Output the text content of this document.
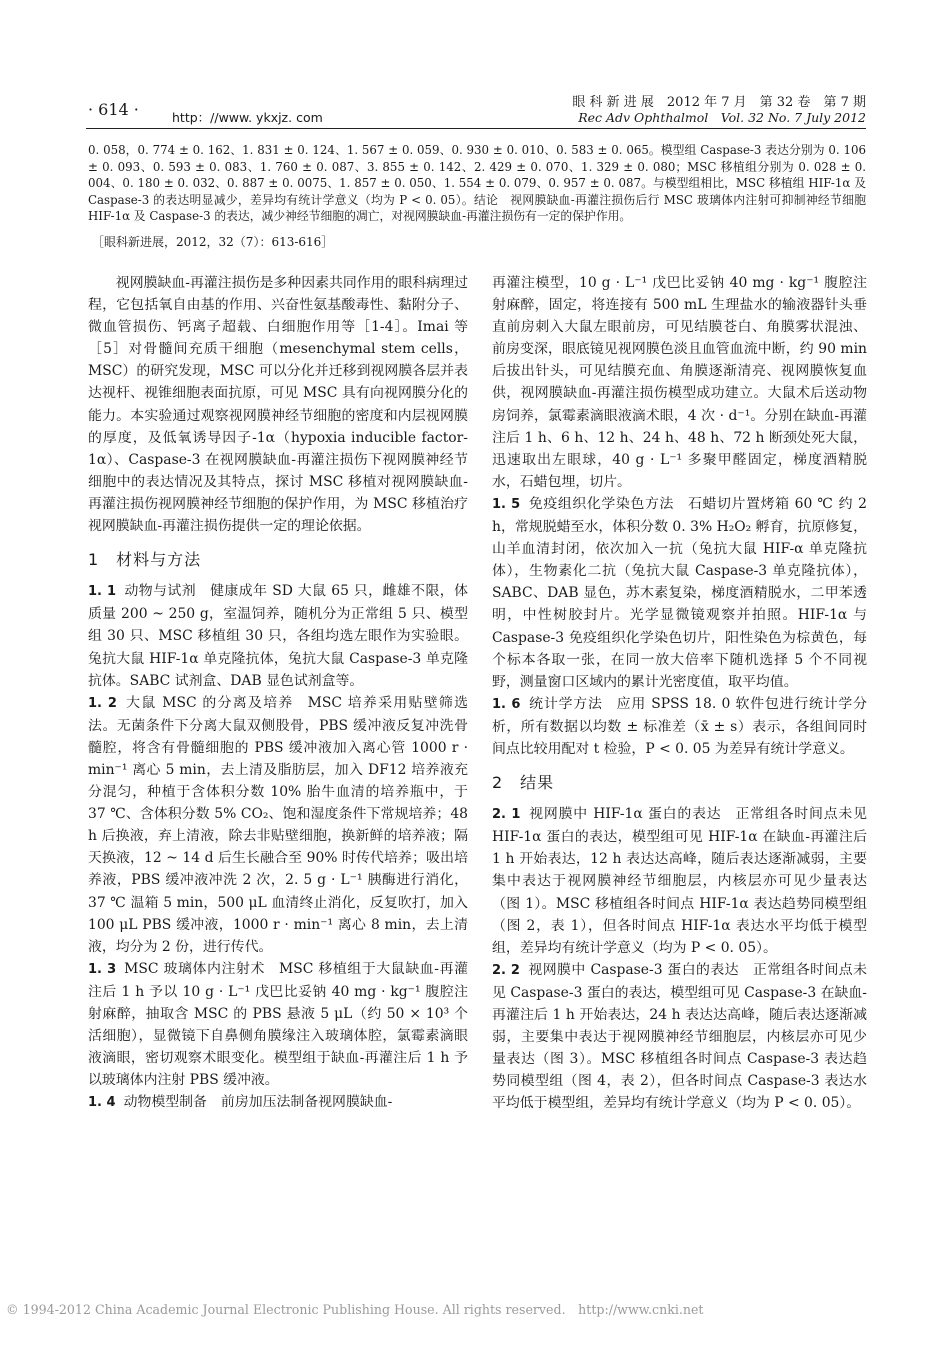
· 614 ·	http：//www. ykxjz. com
眼 科 新 进 展　2012 年 7 月　第 32 卷　第 7 期
Rec Adv Ophthalmol　Vol. 32 No. 7 July 2012
0. 058，0. 774 ± 0. 162、1. 831 ± 0. 124、1. 567 ± 0. 059、0. 930 ± 0. 010、0. 583 ± 0. 065。模型组 Caspase-3 表达分别为 0. 106 ± 0. 093、0. 593 ± 0. 083、1. 760 ± 0. 087、3. 855 ± 0. 142、2. 429 ± 0. 070、1. 329 ± 0. 080；MSC 移植组分别为 0. 028 ± 0. 004、0. 180 ± 0. 032、0. 887 ± 0. 0075、1. 857 ± 0. 050、1. 554 ± 0. 079、0. 957 ± 0. 087。与模型组相比，MSC 移植组 HIF-1α 及 Caspase-3 的表达明显减少，差异均有统计学意义（均为 P < 0. 05）。结论　视网膜缺血-再灌注损伤后行 MSC 玻璃体内注射可抑制神经节细胞 HIF-1α 及 Caspase-3 的表达，减少神经节细胞的凋亡，对视网膜缺血-再灌注损伤有一定的保护作用。
［眼科新进展，2012，32（7）：613-616］

视网膜缺血-再灌注损伤是多种因素共同作用的眼科病理过程，它包括氧自由基的作用、兴奋性氨基酸毒性、黏附分子、微血管损伤、钙离子超载、白细胞作用等［1-4］。Imai 等［5］对骨髓间充质干细胞（mesenchymal stem cells，MSC）的研究发现，MSC 可以分化并迁移到视网膜各层并表达视杆、视锥细胞表面抗原，可见 MSC 具有向视网膜分化的能力。本实验通过观察视网膜神经节细胞的密度和内层视网膜的厚度，及低氧诱导因子-1α（hypoxia inducible factor-1α）、Caspase-3 在视网膜缺血-再灌注损伤下视网膜神经节细胞中的表达情况及其特点，探讨 MSC 移植对视网膜缺血-再灌注损伤视网膜神经节细胞的保护作用，为 MSC 移植治疗视网膜缺血-再灌注损伤提供一定的理论依据。

1　材料与方法

1. 1 动物与试剂 健康成年 SD 大鼠 65 只，雌雄不限，体质量 200 ~ 250 g，室温饲养，随机分为正常组 5 只、模型组 30 只、MSC 移植组 30 只，各组均选左眼作为实验眼。兔抗大鼠 HIF-1α 单克隆抗体，兔抗大鼠 Caspase-3 单克隆抗体。SABC 试剂盒、DAB 显色试剂盒等。

1. 2 大鼠 MSC 的分离及培养 MSC 培养采用贴壁筛选法。无菌条件下分离大鼠双侧股骨，PBS 缓冲液反复冲洗骨髓腔，将含有骨髓细胞的 PBS 缓冲液加入离心管 1000 r · min⁻¹ 离心 5 min，去上清及脂肪层，加入 DF12 培养液充分混匀，种植于含体积分数 10% 胎牛血清的培养瓶中，于 37 ℃、含体积分数 5% CO₂、饱和湿度条件下常规培养；48 h 后换液，弃上清液，除去非贴壁细胞，换新鲜的培养液；隔天换液，12 ~ 14 d 后生长融合至 90% 时传代培养；吸出培养液，PBS 缓冲液冲洗 2 次，2. 5 g · L⁻¹ 胰酶进行消化，37 ℃ 温箱 5 min，500 μL 血清终止消化，反复吹打，加入 100 μL PBS 缓冲液，1000 r · min⁻¹ 离心 8 min，去上清液，均分为 2 份，进行传代。

1. 3 MSC 玻璃体内注射术 MSC 移植组于大鼠缺血-再灌注后 1 h 予以 10 g · L⁻¹ 戊巴比妥钠 40 mg · kg⁻¹ 腹腔注射麻醉，抽取含 MSC 的 PBS 悬液 5 μL（约 50 × 10³ 个活细胞），显微镜下自鼻侧角膜缘注入玻璃体腔，氯霉素滴眼液滴眼，密切观察术眼变化。模型组于缺血-再灌注后 1 h 予以玻璃体内注射 PBS 缓冲液。

1. 4 动物模型制备 前房加压法制备视网膜缺血-

再灌注模型，10 g · L⁻¹ 戊巴比妥钠 40 mg · kg⁻¹ 腹腔注射麻醉，固定，将连接有 500 mL 生理盐水的输液器针头垂直前房刺入大鼠左眼前房，可见结膜苍白、角膜雾状混浊、前房变深，眼底镜见视网膜色淡且血管血流中断，约 90 min 后拔出针头，可见结膜充血、角膜逐渐清亮、视网膜恢复血供，视网膜缺血-再灌注损伤模型成功建立。大鼠术后送动物房饲养，氯霉素滴眼液滴术眼，4 次 · d⁻¹。分别在缺血-再灌注后 1 h、6 h、12 h、24 h、48 h、72 h 断颈处死大鼠，迅速取出左眼球，40 g · L⁻¹ 多聚甲醛固定，梯度酒精脱水，石蜡包埋，切片。

1. 5 免疫组织化学染色方法 石蜡切片置烤箱 60 ℃ 约 2 h，常规脱蜡至水，体积分数 0. 3% H₂O₂ 孵育，抗原修复，山羊血清封闭，依次加入一抗（兔抗大鼠 HIF-α 单克隆抗体），生物素化二抗（兔抗大鼠 Caspase-3 单克隆抗体），SABC、DAB 显色，苏木素复染，梯度酒精脱水，二甲苯透明，中性树胶封片。光学显微镜观察并拍照。HIF-1α 与 Caspase-3 免疫组织化学染色切片，阳性染色为棕黄色，每个标本各取一张，在同一放大倍率下随机选择 5 个不同视野，测量窗口区域内的累计光密度值，取平均值。

1. 6 统计学方法 应用 SPSS 18. 0 软件包进行统计学分析，所有数据以均数 ± 标准差（x̄ ± s）表示，各组间同时间点比较用配对 t 检验，P < 0. 05 为差异有统计学意义。

2　结果

2. 1 视网膜中 HIF-1α 蛋白的表达 正常组各时间点未见 HIF-1α 蛋白的表达，模型组可见 HIF-1α 在缺血-再灌注后 1 h 开始表达，12 h 表达达高峰，随后表达逐渐减弱，主要集中表达于视网膜神经节细胞层，内核层亦可见少量表达（图 1）。MSC 移植组各时间点 HIF-1α 表达趋势同模型组（图 2，表 1），但各时间点 HIF-1α 表达水平均低于模型组，差异均有统计学意义（均为 P < 0. 05）。

2. 2 视网膜中 Caspase-3 蛋白的表达 正常组各时间点未见 Caspase-3 蛋白的表达，模型组可见 Caspase-3 在缺血-再灌注后 1 h 开始表达，24 h 表达达高峰，随后表达逐渐减弱，主要集中表达于视网膜神经节细胞层，内核层亦可见少量表达（图 3）。MSC 移植组各时间点 Caspase-3 表达趋势同模型组（图 4，表 2），但各时间点 Caspase-3 表达水平均低于模型组，差异均有统计学意义（均为 P < 0. 05）。

© 1994-2012 China Academic Journal Electronic Publishing House. All rights reserved.　http://www.cnki.net
